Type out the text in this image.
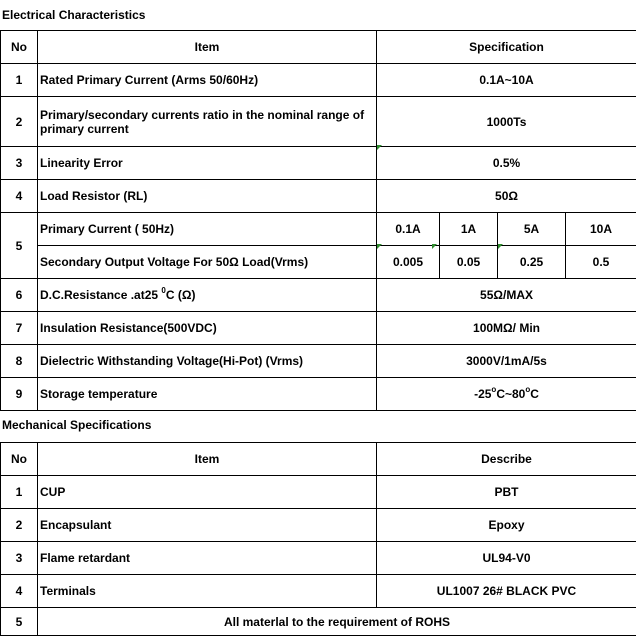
Electrical Characteristics
No	Item	Specification			
1	Rated Primary Current (Arms 50/60Hz)	0.1A~10A			
2	Primary/secondary currents ratio in the nominal range of primary current	1000Ts			
3	Linearity Error	0.5%			
4	Load Resistor (RL)	50Ω			
5	Primary Current ( 50Hz)	0.1A	1A	5A	10A
	Secondary Output Voltage For 50Ω Load(Vrms)	0.005	0.05	0.25	0.5
6	D.C.Resistance .at25 $^0$C (Ω)	55Ω/MAX			
7	Insulation Resistance(500VDC)	100MΩ/ Min			
8	Dielectric Withstanding Voltage(Hi-Pot) (Vrms)	3000V/1mA/5s			
9	Storage temperature	-25$^o$C~80$^o$C			
Mechanical Specifications
No	Item	Describe
1	CUP	PBT
2	Encapsulant	Epoxy
3	Flame retardant	UL94-V0
4	Terminals	UL1007 26# BLACK PVC
5	All materlal to the requirement of ROHS	
